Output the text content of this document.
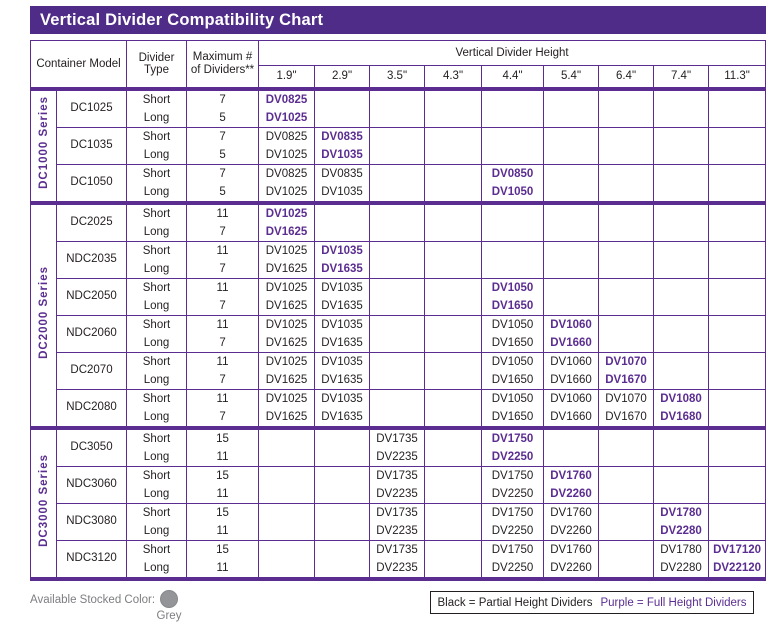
Vertical Divider Compatibility Chart
Container Model		Divider Type	Maximum # of Dividers**	Vertical Divider Height								
				1.9"	2.9"	3.5"	4.3"	4.4"	5.4"	6.4"	7.4"	11.3"
DC1000 Series	DC1025	Short	7	DV0825								
		Long	5	DV1025								
	DC1035	Short	7	DV0825	DV0835							
		Long	5	DV1025	DV1035							
	DC1050	Short	7	DV0825	DV0835			DV0850				
		Long	5	DV1025	DV1035			DV1050				
DC2000 Series	DC2025	Short	11	DV1025								
		Long	7	DV1625								
	NDC2035	Short	11	DV1025	DV1035							
		Long	7	DV1625	DV1635							
	NDC2050	Short	11	DV1025	DV1035			DV1050				
		Long	7	DV1625	DV1635			DV1650				
	NDC2060	Short	11	DV1025	DV1035			DV1050	DV1060			
		Long	7	DV1625	DV1635			DV1650	DV1660			
	DC2070	Short	11	DV1025	DV1035			DV1050	DV1060	DV1070		
		Long	7	DV1625	DV1635			DV1650	DV1660	DV1670		
	NDC2080	Short	11	DV1025	DV1035			DV1050	DV1060	DV1070	DV1080	
		Long	7	DV1625	DV1635			DV1650	DV1660	DV1670	DV1680	
DC3000 Series	DC3050	Short	15			DV1735		DV1750				
		Long	11			DV2235		DV2250				
	NDC3060	Short	15			DV1735		DV1750	DV1760			
		Long	11			DV2235		DV2250	DV2260			
	NDC3080	Short	15			DV1735		DV1750	DV1760		DV1780	
		Long	11			DV2235		DV2250	DV2260		DV2280	
	NDC3120	Short	15			DV1735		DV1750	DV1760		DV1780	DV17120
		Long	11			DV2235		DV2250	DV2260		DV2280	DV22120
Available Stocked Color:
Grey
Black = Partial Height Dividers Purple = Full Height Dividers
